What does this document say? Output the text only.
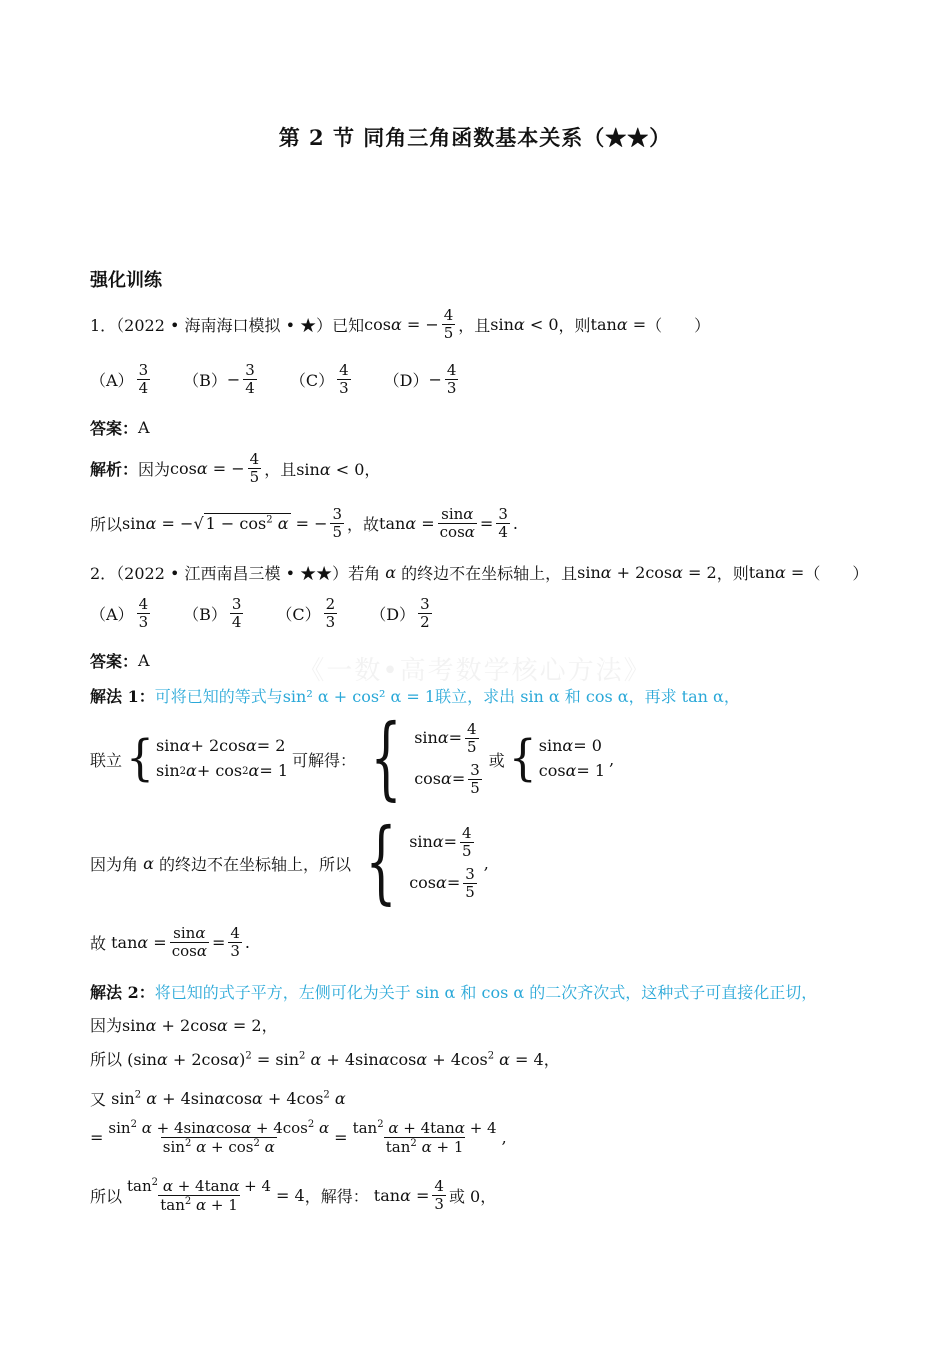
第 2 节 同角三角函数基本关系（★★）
《一数•高考数学核心方法》
强化训练
1．（2022 • 海南海口模拟 • ★）已知 cosα = − $\frac{4}{5}$ ，且 sinα < 0 ，则 tanα = （　　）
$(A) \frac{3}{4} (B) - \frac{3}{4} (C) \frac{4}{3} (D) - \frac{4}{3}$
答案： A
解析： 因为 cosα = − $\frac{4}{5}$ ，且 sinα < 0，
所以 sinα = −√ $1 - \cos^2 \alpha$ = − $\frac{3}{5}$ ，故 $\tan\alpha = \frac{\sin\alpha}{\cos\alpha} = \frac{3}{4}$ .
2．（2022 • 江西南昌三模 • ★★）若角 α 的终边不在坐标轴上，且 sinα + 2cosα = 2 ，则 tanα = （　　）
$(A) \frac{4}{3} (B) \frac{3}{4} (C) \frac{2}{3} (D) \frac{3}{2}$
答案： A
解法 1： 可将已知的等式与sin² α + cos² α = 1联立，求出 sin α 和 cos α，再求 tan α，
联立 { sin α + 2cos α = 2
sin 2 α + cos 2 α = 1
可解得： { $\sin \alpha = \frac{4}{5}$
$\cos \alpha = \frac{3}{5}$
或 { sin α = 0
cos α = 1
,
因为角 α 的终边不在坐标轴上，所以 { $\sin \alpha = \frac{4}{5}$
$\cos \alpha = \frac{3}{5}$
,
故 $\tan\alpha = \frac{\sin\alpha}{\cos\alpha} = \frac{4}{3}$ .
解法 2： 将已知的式子平方，左侧可化为关于 sin α 和 cos α 的二次齐次式，这种式子可直接化正切，
因为 sinα + 2cosα = 2，
所以 $(\sin\alpha + 2\cos\alpha)^2 = \sin^2 \alpha + 4\sin\alpha\cos\alpha + 4\cos^2$ α = 4，
又 $\sin^2 \alpha + 4\sin\alpha\cos\alpha + 4\cos^2$ α
= $\frac{\sin^2 \alpha + 4\sin\alpha\cos\alpha + 4\cos^2 \alpha}{\sin^2 \alpha + \cos^2 \alpha} = \frac{\tan^2 \alpha + 4\tan\alpha + 4}{\tan^2 \alpha + 1}$ ,
所以 $\frac{\tan^2 \alpha + 4\tan\alpha + 4}{\tan^2 \alpha + 1} = 4$ ，解得： $\tan\alpha = \frac{4}{3}$ 或 0，
